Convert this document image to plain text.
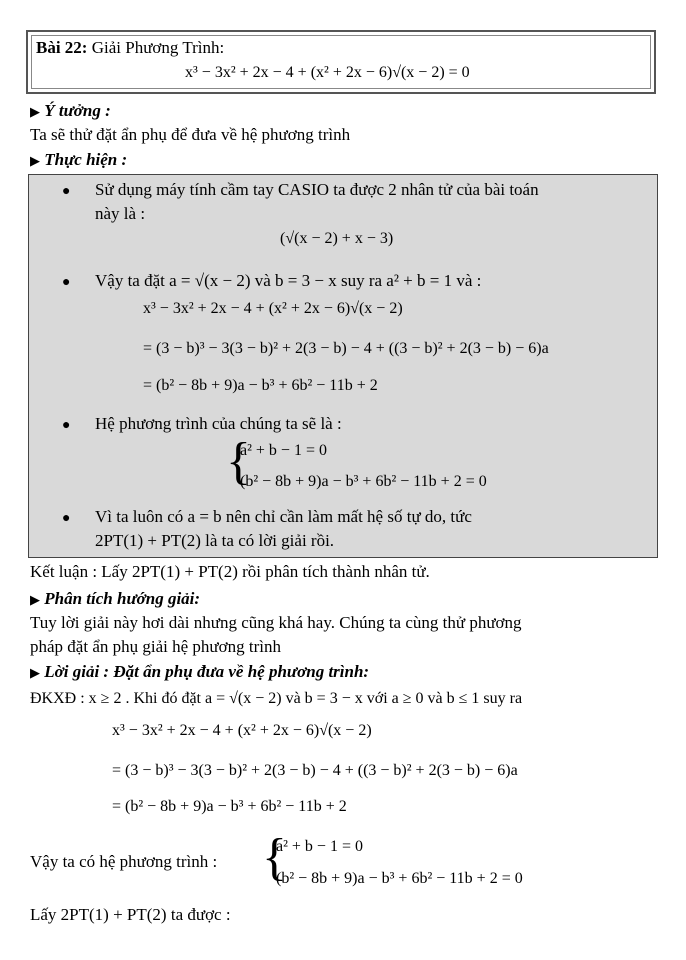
Bài 22: Giải Phương Trình:
x³ − 3x² + 2x − 4 + (x² + 2x − 6)√(x − 2) = 0
▶ Ý tưởng :
Ta sẽ thử đặt ẩn phụ để đưa về hệ phương trình
▶ Thực hiện :
● Sử dụng máy tính cầm tay CASIO ta được 2 nhân tử của bài toán
này là :
(√(x − 2) + x − 3)
● Vậy ta đặt a = √(x − 2) và b = 3 − x suy ra a² + b = 1 và :
x³ − 3x² + 2x − 4 + (x² + 2x − 6)√(x − 2)
= (3 − b)³ − 3(3 − b)² + 2(3 − b) − 4 + ((3 − b)² + 2(3 − b) − 6)a
= (b² − 8b + 9)a − b³ + 6b² − 11b + 2
● Hệ phương trình của chúng ta sẽ là :
{
a² + b − 1 = 0
(b² − 8b + 9)a − b³ + 6b² − 11b + 2 = 0
● Vì ta luôn có a = b nên chỉ cần làm mất hệ số tự do, tức
2PT(1) + PT(2) là ta có lời giải rồi.
Kết luận : Lấy 2PT(1) + PT(2) rồi phân tích thành nhân tử.
▶ Phân tích hướng giải:
Tuy lời giải này hơi dài nhưng cũng khá hay. Chúng ta cùng thử phương
pháp đặt ẩn phụ giải hệ phương trình
▶ Lời giải : Đặt ẩn phụ đưa về hệ phương trình:
ĐKXĐ : x ≥ 2 . Khi đó đặt a = √(x − 2) và b = 3 − x với a ≥ 0 và b ≤ 1 suy ra
x³ − 3x² + 2x − 4 + (x² + 2x − 6)√(x − 2)
= (3 − b)³ − 3(3 − b)² + 2(3 − b) − 4 + ((3 − b)² + 2(3 − b) − 6)a
= (b² − 8b + 9)a − b³ + 6b² − 11b + 2
Vậy ta có hệ phương trình : {
a² + b − 1 = 0
(b² − 8b + 9)a − b³ + 6b² − 11b + 2 = 0
Lấy 2PT(1) + PT(2) ta được :
